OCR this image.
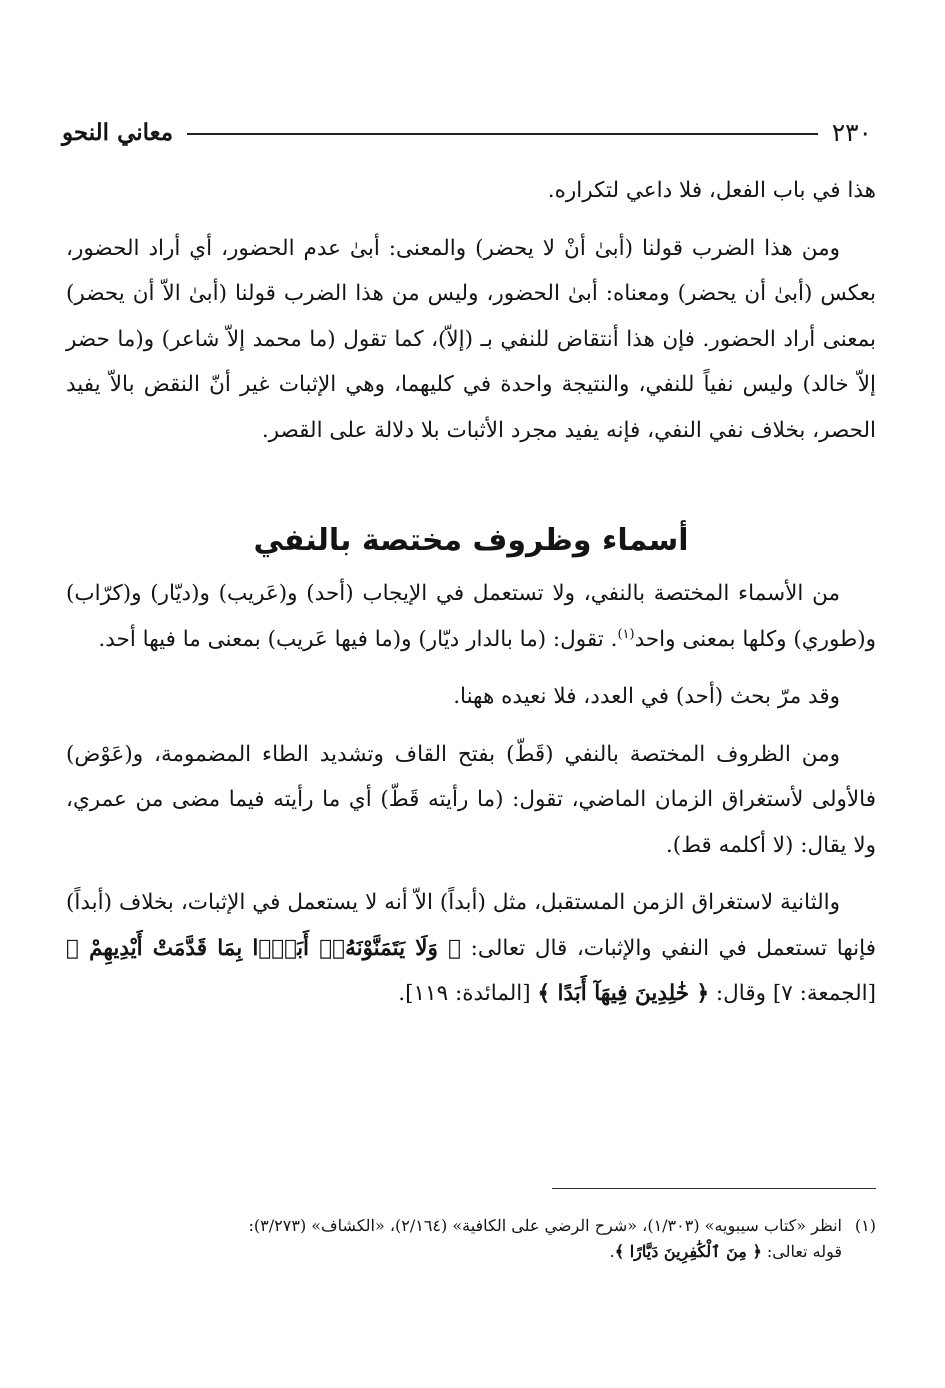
٢٣٠
معاني النحو

هذا في باب الفعل، فلا داعي لتكراره.

ومن هذا الضرب قولنا (أبىٰ أنْ لا يحضر) والمعنى: أبىٰ عدم الحضور، أي أراد الحضور، بعكس (أبىٰ أن يحضر) ومعناه: أبىٰ الحضور، وليس من هذا الضرب قولنا (أبىٰ الاّ أن يحضر) بمعنى أراد الحضور. فإن هذا أنتقاض للنفي بـ (إلاّ)، كما تقول (ما محمد إلاّ شاعر) و(ما حضر إلاّ خالد) وليس نفياً للنفي، والنتيجة واحدة في كليهما، وهي الإثبات غير أنّ النقض بالاّ يفيد الحصر، بخلاف نفي النفي، فإنه يفيد مجرد الأثبات بلا دلالة على القصر.

أسماء وظروف مختصة بالنفي

من الأسماء المختصة بالنفي، ولا تستعمل في الإيجاب (أحد) و(عَريب) و(ديّار) و(كرّاب) و(طوري) وكلها بمعنى واحد$^{(١)}$. تقول: (ما بالدار ديّار) و(ما فيها عَريب) بمعنى ما فيها أحد.

وقد مرّ بحث (أحد) في العدد، فلا نعيده ههنا.

ومن الظروف المختصة بالنفي (قَطّ) بفتح القاف وتشديد الطاء المضمومة، و(عَوْض) فالأولى لأستغراق الزمان الماضي، تقول: (ما رأيته قَطّ) أي ما رأيته فيما مضى من عمري، ولا يقال: (لا أكلمه قط).

والثانية لاستغراق الزمن المستقبل، مثل (أبداً) الاّ أنه لا يستعمل في الإثبات، بخلاف (أبداً) فإنها تستعمل في النفي والإثبات، قال تعالى: ﴿ وَلَا يَتَمَنَّوْنَهُۥٓ أَبَدًۢا بِمَا قَدَّمَتْ أَيْدِيهِمْ ﴾ [الجمعة: ٧] وقال: ﴿ خَٰلِدِينَ فِيهَآ أَبَدًا ﴾ [المائدة: ١١٩].

(١)انظر «كتاب سيبويه» (١/٣٠٣)، «شرح الرضي على الكافية» (٢/١٦٤)، «الكشاف» (٣/٢٧٣):

قوله تعالى: ﴿ مِنَ ٱلْكَٰفِرِينَ دَيَّارًا ﴾.
